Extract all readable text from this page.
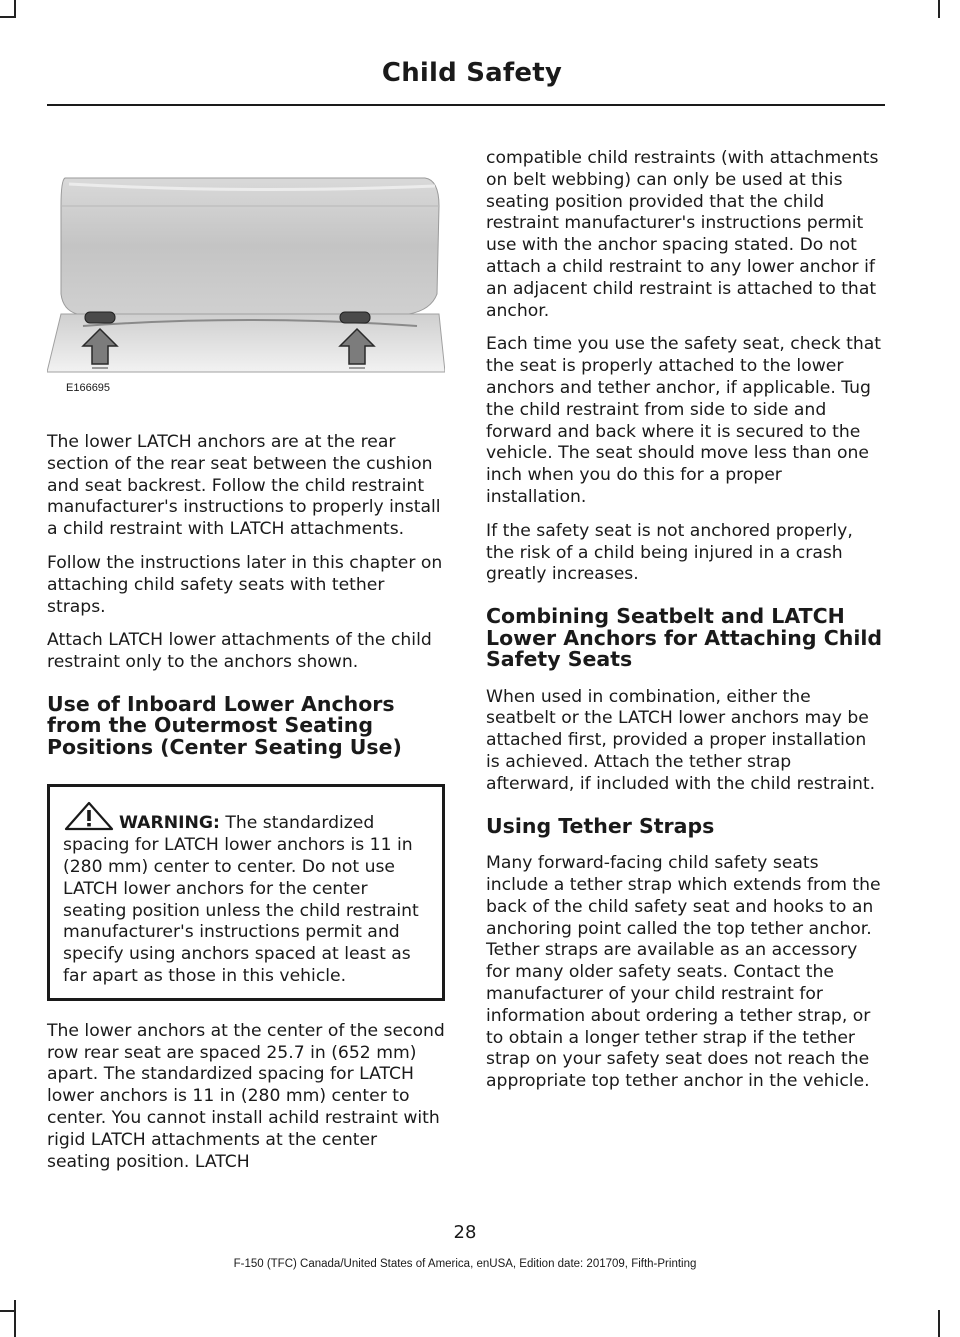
Child Safety
E166695

The lower LATCH anchors are at the rear section of the rear seat between the cushion and seat backrest. Follow the child restraint manufacturer's instructions to properly install a child restraint with LATCH attachments.

Follow the instructions later in this chapter on attaching child safety seats with tether straps.

Attach LATCH lower attachments of the child restraint only to the anchors shown.

Use of Inboard Lower Anchors from the Outermost Seating Positions (Center Seating Use)

WARNING: The standardized spacing for LATCH lower anchors is 11 in (280 mm) center to center. Do not use LATCH lower anchors for the center seating position unless the child restraint manufacturer's instructions permit and specify using anchors spaced at least as far apart as those in this vehicle.

The lower anchors at the center of the second row rear seat are spaced 25.7 in (652 mm) apart. The standardized spacing for LATCH lower anchors is 11 in (280 mm) center to center. You cannot install achild restraint with rigid LATCH attachments at the center seating position. LATCH

compatible child restraints (with attachments on belt webbing) can only be used at this seating position provided that the child restraint manufacturer's instructions permit use with the anchor spacing stated. Do not attach a child restraint to any lower anchor if an adjacent child restraint is attached to that anchor.

Each time you use the safety seat, check that the seat is properly attached to the lower anchors and tether anchor, if applicable. Tug the child restraint from side to side and forward and back where it is secured to the vehicle. The seat should move less than one inch when you do this for a proper installation.

If the safety seat is not anchored properly, the risk of a child being injured in a crash greatly increases.

Combining Seatbelt and LATCH Lower Anchors for Attaching Child Safety Seats

When used in combination, either the seatbelt or the LATCH lower anchors may be attached first, provided a proper installation is achieved. Attach the tether strap afterward, if included with the child restraint.

Using Tether Straps

Many forward-facing child safety seats include a tether strap which extends from the back of the child safety seat and hooks to an anchoring point called the top tether anchor. Tether straps are available as an accessory for many older safety seats. Contact the manufacturer of your child restraint for information about ordering a tether strap, or to obtain a longer tether strap if the tether strap on your safety seat does not reach the appropriate top tether anchor in the vehicle.

28
F-150 (TFC) Canada/United States of America, enUSA, Edition date: 201709, Fifth-Printing
